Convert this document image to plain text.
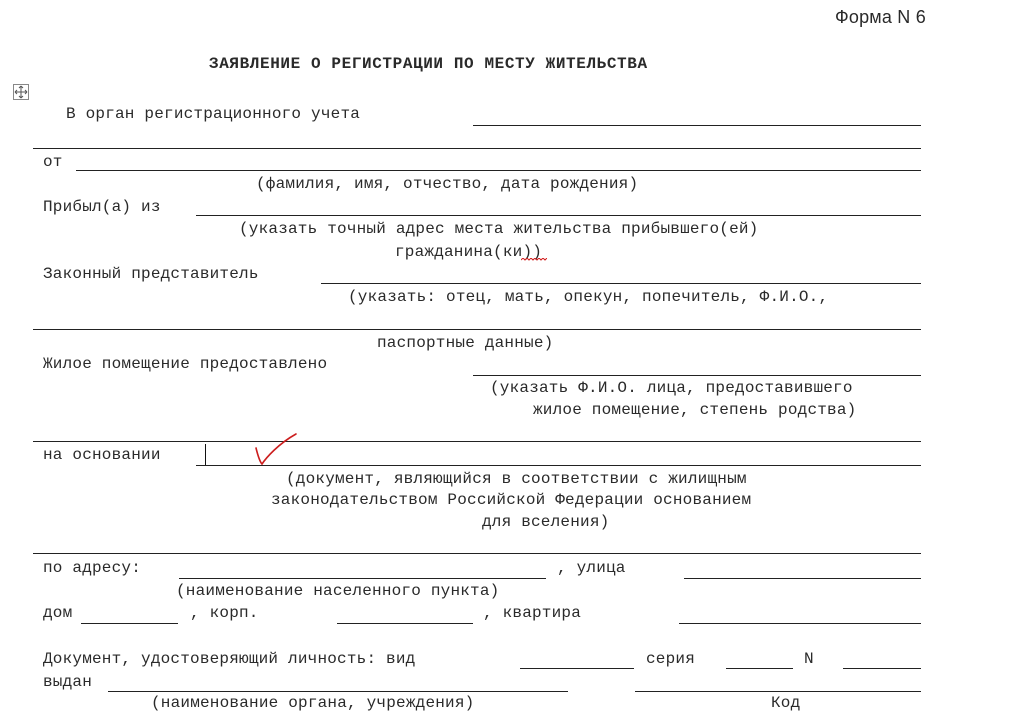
Форма N 6
ЗАЯВЛЕНИЕ О РЕГИСТРАЦИИ ПО МЕСТУ ЖИТЕЛЬСТВА
В орган регистрационного учета
от
(фамилия, имя, отчество, дата рождения)
Прибыл(а) из
(указать точный адрес места жительства прибывшего(ей)
гражданина(ки))
Законный представитель
(указать: отец, мать, опекун, попечитель, Ф.И.О.,
паспортные данные)
Жилое помещение предоставлено
(указать Ф.И.О. лица, предоставившего
жилое помещение, степень родства)
на основании
(документ, являющийся в соответствии с жилищным
законодательством Российской Федерации основанием
для вселения)
по адресу:	, улица
(наименование населенного пункта)
дом	, корп.	, квартира
Документ, удостоверяющий личность: вид	серия	N
выдан
(наименование органа, учреждения)	Код
